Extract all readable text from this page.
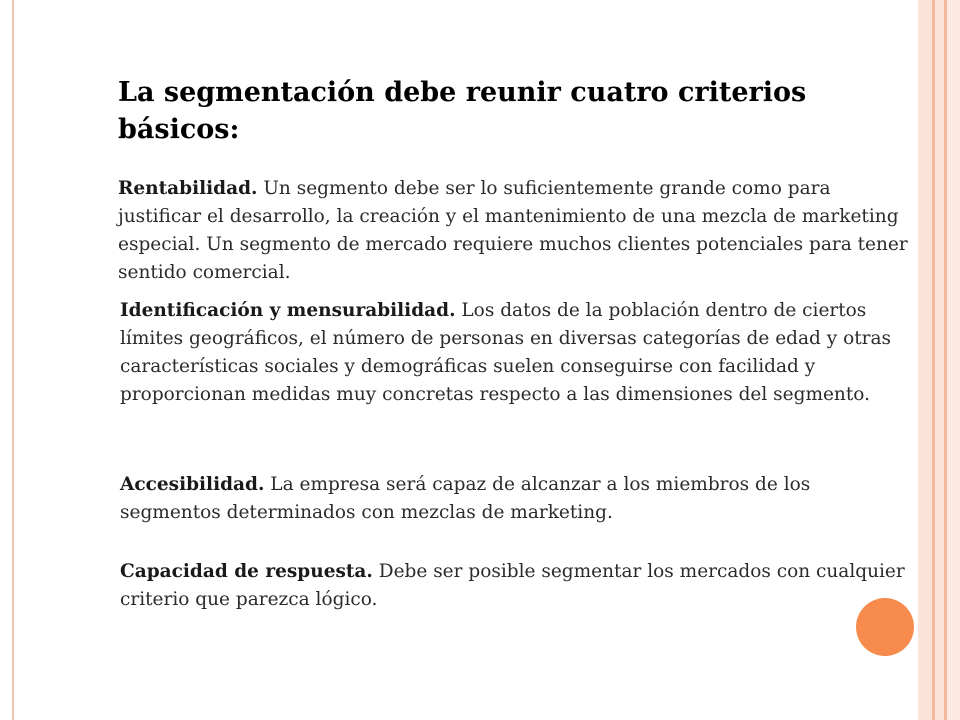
La segmentación debe reunir cuatro criterios básicos:

Rentabilidad. Un segmento debe ser lo suficientemente grande como para justificar el desarrollo, la creación y el mantenimiento de una mezcla de marketing especial. Un segmento de mercado requiere muchos clientes potenciales para tener sentido comercial.

Identificación y mensurabilidad. Los datos de la población dentro de ciertos límites geográficos, el número de personas en diversas categorías de edad y otras características sociales y demográficas suelen conseguirse con facilidad y proporcionan medidas muy concretas respecto a las dimensiones del segmento.

Accesibilidad. La empresa será capaz de alcanzar a los miembros de los segmentos determinados con mezclas de marketing.

Capacidad de respuesta. Debe ser posible segmentar los mercados con cualquier criterio que parezca lógico.
